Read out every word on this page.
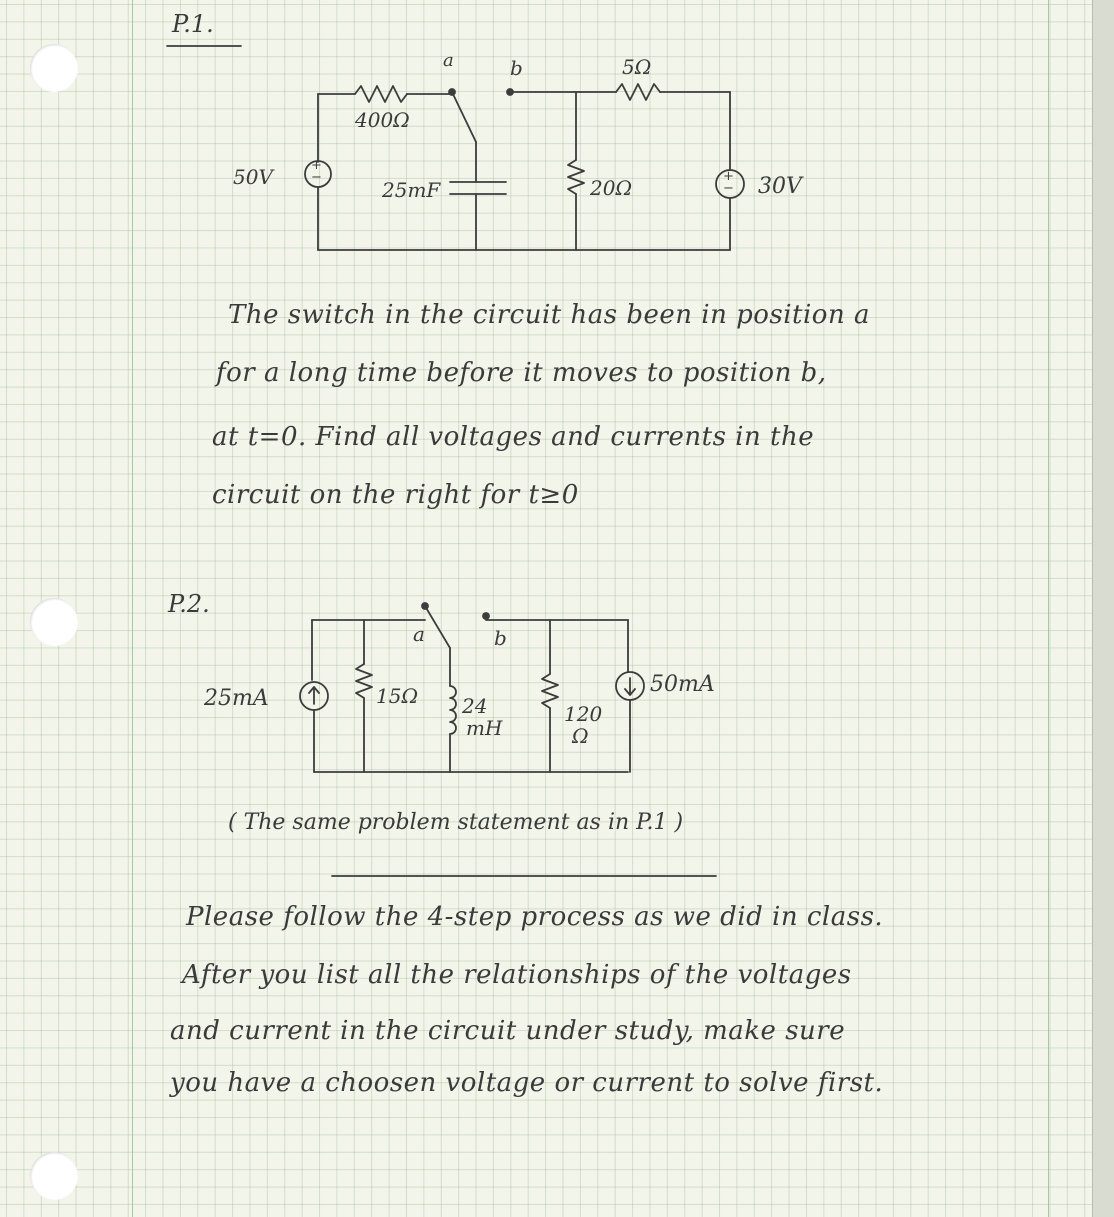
P.1.
a	b	5Ω
400Ω
50V	+
−
25mF	20Ω	+
− 30V
The switch in the circuit has been in position a
for a long time before it moves to position b,
at t=0. Find all voltages and currents in the
circuit on the right for t≥0
P.2.
a	b
25mA	15Ω 24
mH
120
Ω
50mA
( The same problem statement as in P.1 )
Please follow the 4-step process as we did in class.
After you list all the relationships of the voltages
and current in the circuit under study, make sure
you have a choosen voltage or current to solve first.
